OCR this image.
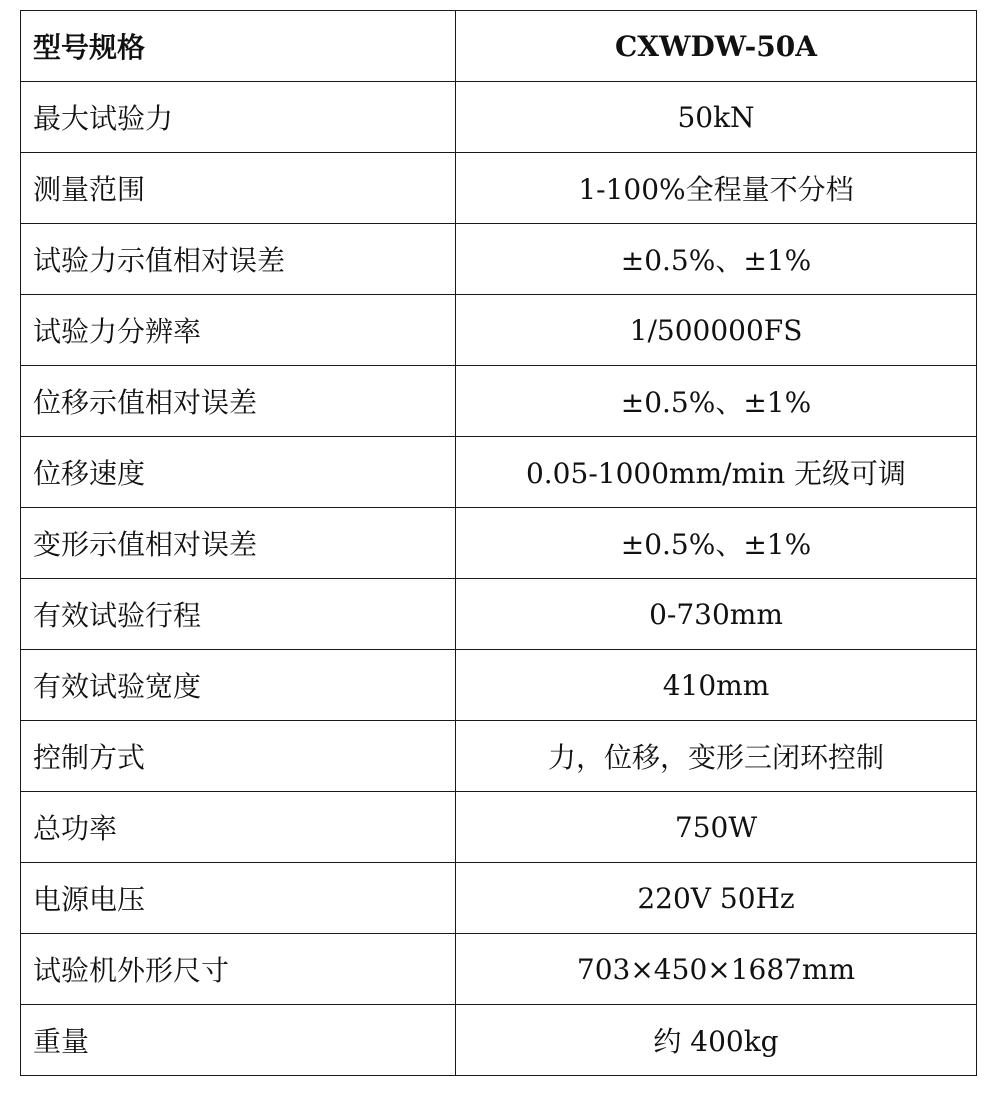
型号规格	CXWDW-50A
最大试验力	50kN
测量范围	1-100%全程量不分档
试验力示值相对误差	±0.5%、±1%
试验力分辨率	1/500000FS
位移示值相对误差	±0.5%、±1%
位移速度	0.05-1000mm/min 无级可调
变形示值相对误差	±0.5%、±1%
有效试验行程	0-730mm
有效试验宽度	410mm
控制方式	力，位移，变形三闭环控制
总功率	750W
电源电压	220V 50Hz
试验机外形尺寸	703×450×1687mm
重量	约 400kg
